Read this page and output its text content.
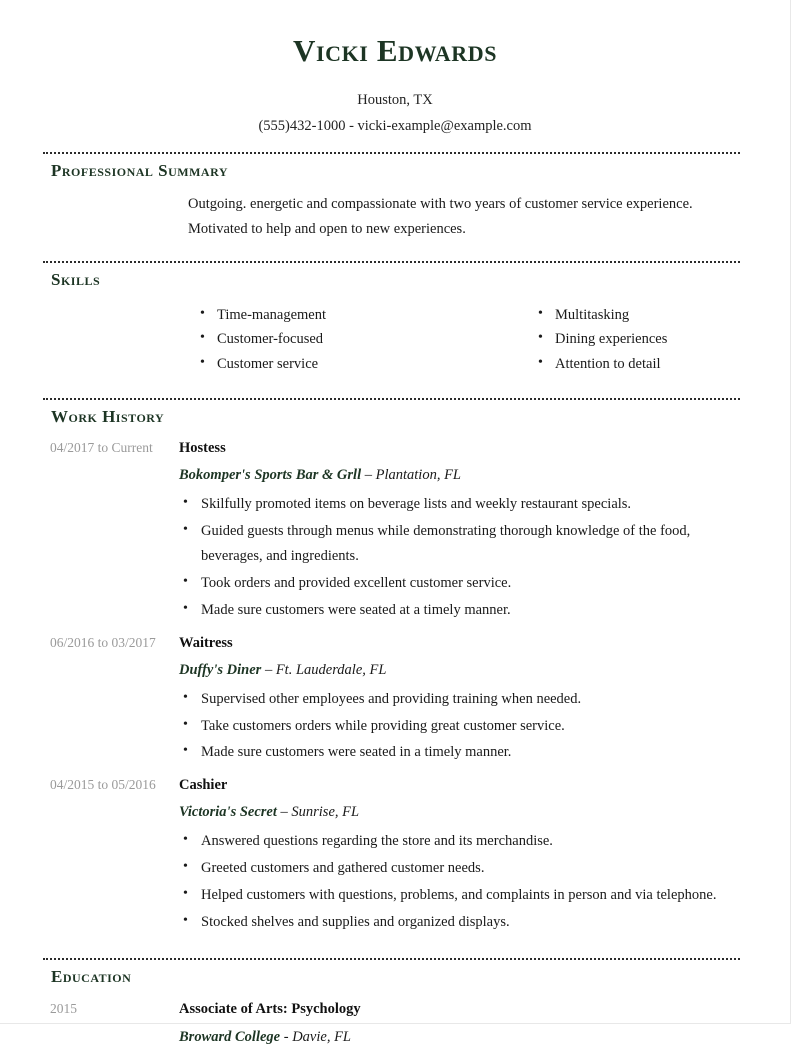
Vicki Edwards
Houston, TX
(555)432-1000 - vicki-example@example.com
Professional Summary
Outgoing. energetic and compassionate with two years of customer service experience.
Motivated to help and open to new experiences.
Skills
• Time-management
• Customer-focused
• Customer service
• Multitasking
• Dining experiences
• Attention to detail
Work History
04/2017 to Current	Hostess
Bokomper's Sports Bar & Grll – Plantation, FL
• Skilfully promoted items on beverage lists and weekly restaurant specials.
• Guided guests through menus while demonstrating thorough knowledge of the food, beverages, and ingredients.
• Took orders and provided excellent customer service.
• Made sure customers were seated at a timely manner.
06/2016 to 03/2017	Waitress
Duffy's Diner – Ft. Lauderdale, FL
• Supervised other employees and providing training when needed.
• Take customers orders while providing great customer service.
• Made sure customers were seated in a timely manner.
04/2015 to 05/2016	Cashier
Victoria's Secret – Sunrise, FL
• Answered questions regarding the store and its merchandise.
• Greeted customers and gathered customer needs.
• Helped customers with questions, problems, and complaints in person and via telephone.
• Stocked shelves and supplies and organized displays.
Education
2015	Associate of Arts: Psychology
Broward College - Davie, FL
